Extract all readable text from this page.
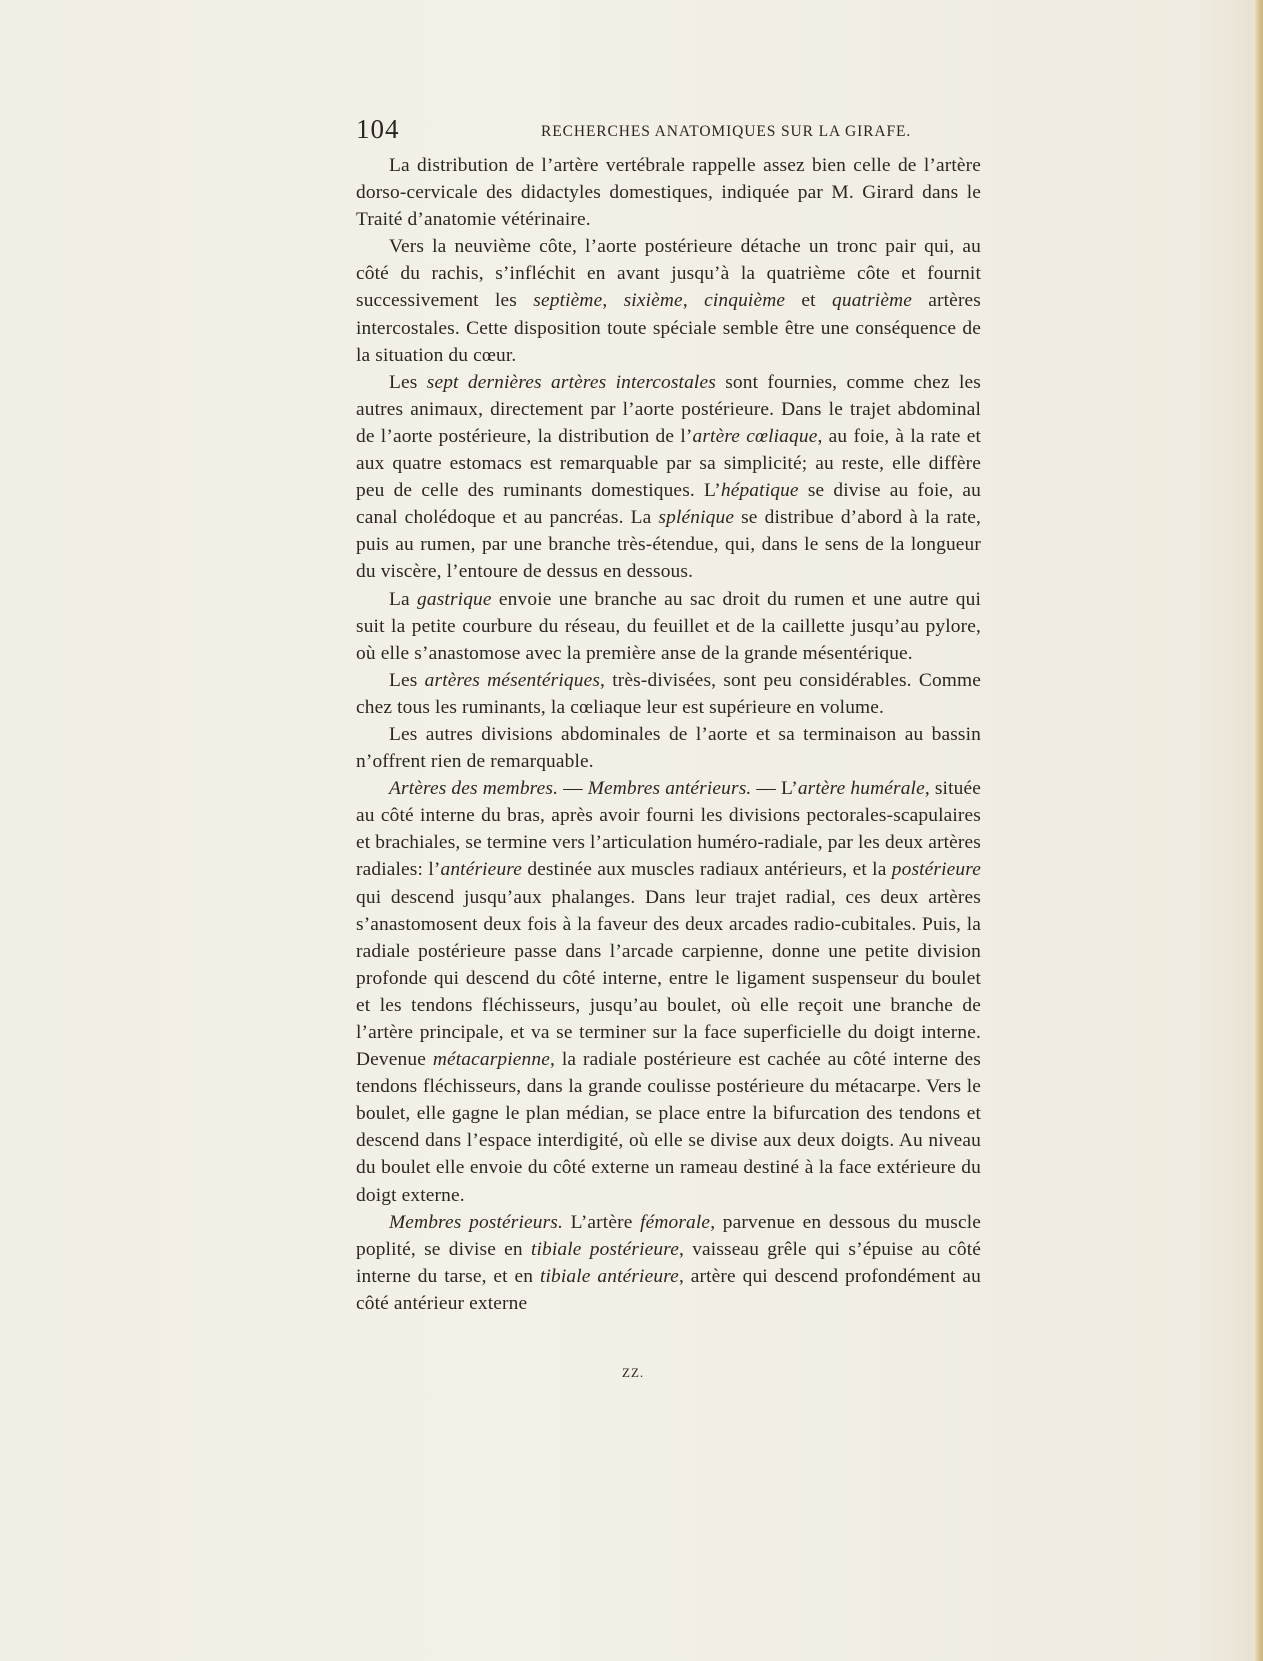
104	RECHERCHES ANATOMIQUES SUR LA GIRAFE.

La distribution de l’artère vertébrale rappelle assez bien celle de l’artère dorso-cervicale des didactyles domestiques, indiquée par M. Girard dans le Traité d’anatomie vétérinaire.

Vers la neuvième côte, l’aorte postérieure détache un tronc pair qui, au côté du rachis, s’infléchit en avant jusqu’à la quatrième côte et fournit successivement les septième, sixième, cinquième et quatrième artères intercostales. Cette disposition toute spéciale semble être une conséquence de la situation du cœur.

Les sept dernières artères intercostales sont fournies, comme chez les autres animaux, directement par l’aorte postérieure. Dans le trajet abdominal de l’aorte postérieure, la distribution de l’artère cœliaque, au foie, à la rate et aux quatre estomacs est remarquable par sa simplicité; au reste, elle diffère peu de celle des ruminants domestiques. L’hépatique se divise au foie, au canal cholédoque et au pancréas. La splénique se distribue d’abord à la rate, puis au rumen, par une branche très-étendue, qui, dans le sens de la longueur du viscère, l’entoure de dessus en dessous.

La gastrique envoie une branche au sac droit du rumen et une autre qui suit la petite courbure du réseau, du feuillet et de la caillette jusqu’au pylore, où elle s’anastomose avec la première anse de la grande mésentérique.

Les artères mésentériques, très-divisées, sont peu considérables. Comme chez tous les ruminants, la cœliaque leur est supérieure en volume.

Les autres divisions abdominales de l’aorte et sa terminaison au bassin n’offrent rien de remarquable.

Artères des membres. — Membres antérieurs. — L’artère humérale, située au côté interne du bras, après avoir fourni les divisions pectorales-scapulaires et brachiales, se termine vers l’articulation huméro-radiale, par les deux artères radiales: l’antérieure destinée aux muscles radiaux antérieurs, et la postérieure qui descend jusqu’aux phalanges. Dans leur trajet radial, ces deux artères s’anastomosent deux fois à la faveur des deux arcades radio-cubitales. Puis, la radiale postérieure passe dans l’arcade carpienne, donne une petite division profonde qui descend du côté interne, entre le ligament suspenseur du boulet et les tendons fléchisseurs, jusqu’au boulet, où elle reçoit une branche de l’artère principale, et va se terminer sur la face superficielle du doigt interne. Devenue métacarpienne, la radiale postérieure est cachée au côté interne des tendons fléchisseurs, dans la grande coulisse postérieure du métacarpe. Vers le boulet, elle gagne le plan médian, se place entre la bifurcation des tendons et descend dans l’espace interdigité, où elle se divise aux deux doigts. Au niveau du boulet elle envoie du côté externe un rameau destiné à la face extérieure du doigt externe.

Membres postérieurs. L’artère fémorale, parvenue en dessous du muscle poplité, se divise en tibiale postérieure, vaisseau grêle qui s’épuise au côté interne du tarse, et en tibiale antérieure, artère qui descend profondément au côté antérieur externe

ZZ.
